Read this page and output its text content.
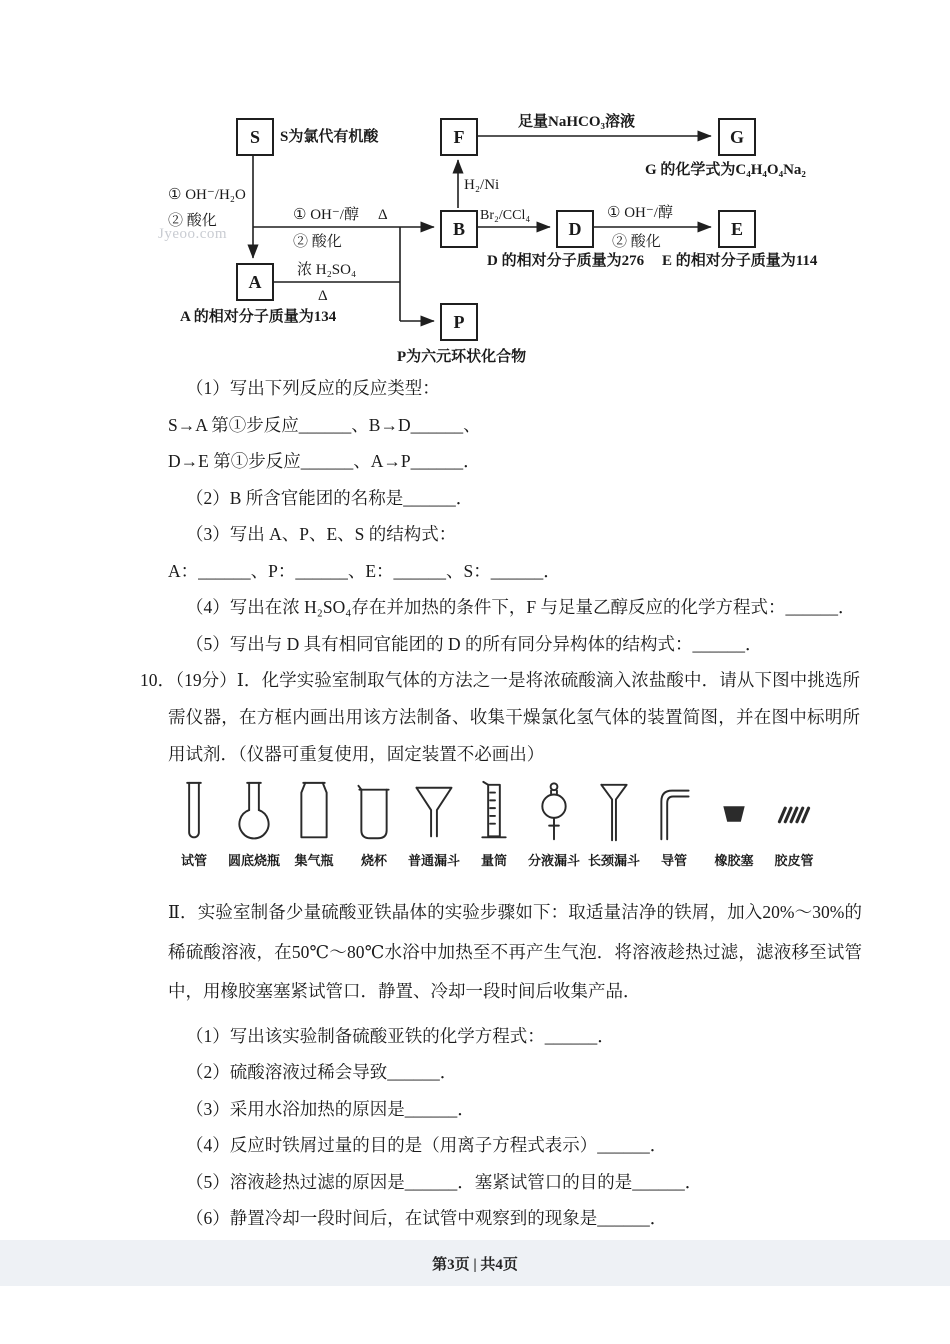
S	F	G
B	D	E
A
P
S为氯代有机酸
足量NaHCO₃溶液
G 的化学式为C₄H₄O₄Na₂
① OH⁻/H₂O
② 酸化	① OH⁻/醇 Δ
② 酸化
H₂/Ni
Br₂/CCl₄	① OH⁻/醇
② 酸化
D 的相对分子质量为276 E 的相对分子质量为114
浓 H₂SO₄
Δ
A 的相对分子质量为134
P为六元环状化合物
Jyeoo.com

（1）写出下列反应的反应类型：

S→A 第①步反应______、B→D______、

D→E 第①步反应______、A→P______．

（2）B 所含官能团的名称是______．

（3）写出 A、P、E、S 的结构式：

A：______、P：______、E：______、S：______．

（4）写出在浓 H₂SO₄存在并加热的条件下，F 与足量乙醇反应的化学方程式：______．

（5）写出与 D 具有相同官能团的 D 的所有同分异构体的结构式：______．

10．（19分）Ⅰ．化学实验室制取气体的方法之一是将浓硫酸滴入浓盐酸中．请从下图中挑选所需仪器，在方框内画出用该方法制备、收集干燥氯化氢气体的装置简图，并在图中标明所用试剂．（仪器可重复使用，固定装置不必画出）

试管	圆底烧瓶	集气瓶	烧杯	普通漏斗	量筒	分液漏斗 长颈漏斗	导管	橡胶塞	胶皮管

Ⅱ．实验室制备少量硫酸亚铁晶体的实验步骤如下：取适量洁净的铁屑，加入20%～30%的稀硫酸溶液，在50℃～80℃水浴中加热至不再产生气泡．将溶液趁热过滤，滤液移至试管中，用橡胶塞塞紧试管口．静置、冷却一段时间后收集产品．

（1）写出该实验制备硫酸亚铁的化学方程式：______．

（2）硫酸溶液过稀会导致______．

（3）采用水浴加热的原因是______．

（4）反应时铁屑过量的目的是（用离子方程式表示）______．

（5）溶液趁热过滤的原因是______．塞紧试管口的目的是______．

（6）静置冷却一段时间后，在试管中观察到的现象是______．

第3页 | 共4页
